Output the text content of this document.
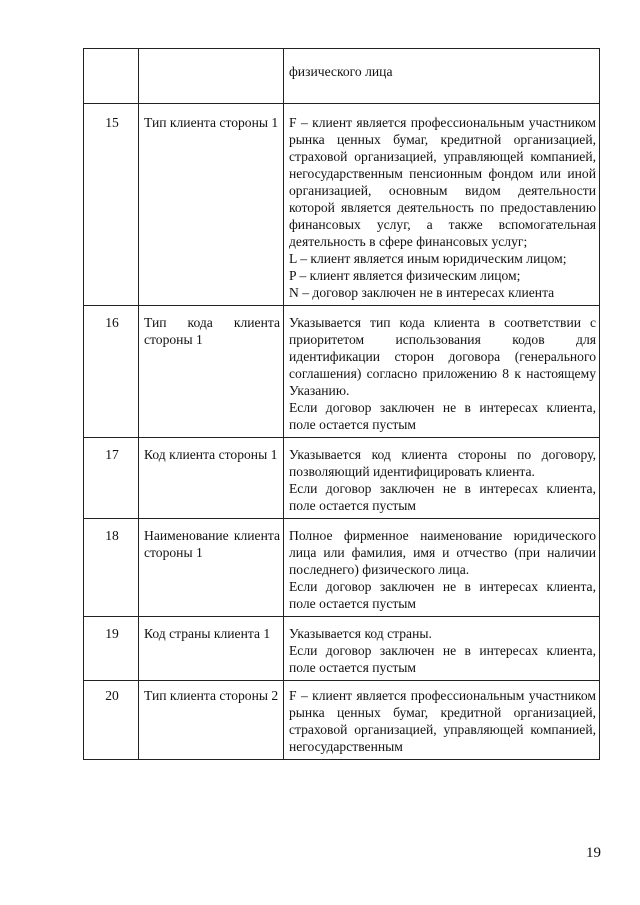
		физического лица

15	Тип клиента стороны 1	F – клиент является профессиональным участником рынка ценных бумаг, кредитной организацией, страховой организацией, управляющей компанией, негосударственным пенсионным фондом или иной организацией, основным видом деятельности которой является деятельность по предоставлению финансовых услуг, а также вспомогательная деятельность в сфере финансовых услуг;
L – клиент является иным юридическим лицом;
P – клиент является физическим лицом;
N – договор заключен не в интересах клиента

16	Тип кода клиента стороны 1	Указывается тип кода клиента в соответствии с приоритетом использования кодов для идентификации сторон договора (генерального соглашения) согласно приложению 8 к настоящему Указанию.
Если договор заключен не в интересах клиента, поле остается пустым

17	Код клиента стороны 1	Указывается код клиента стороны по договору, позволяющий идентифицировать клиента.
Если договор заключен не в интересах клиента, поле остается пустым

18	Наименование клиента стороны 1	Полное фирменное наименование юридического лица или фамилия, имя и отчество (при наличии последнего) физического лица.
Если договор заключен не в интересах клиента, поле остается пустым

19	Код страны клиента 1	Указывается код страны.
Если договор заключен не в интересах клиента, поле остается пустым

20	Тип клиента стороны 2	F – клиент является профессиональным участником рынка ценных бумаг, кредитной организацией, страховой организацией, управляющей компанией, негосударственным
19
